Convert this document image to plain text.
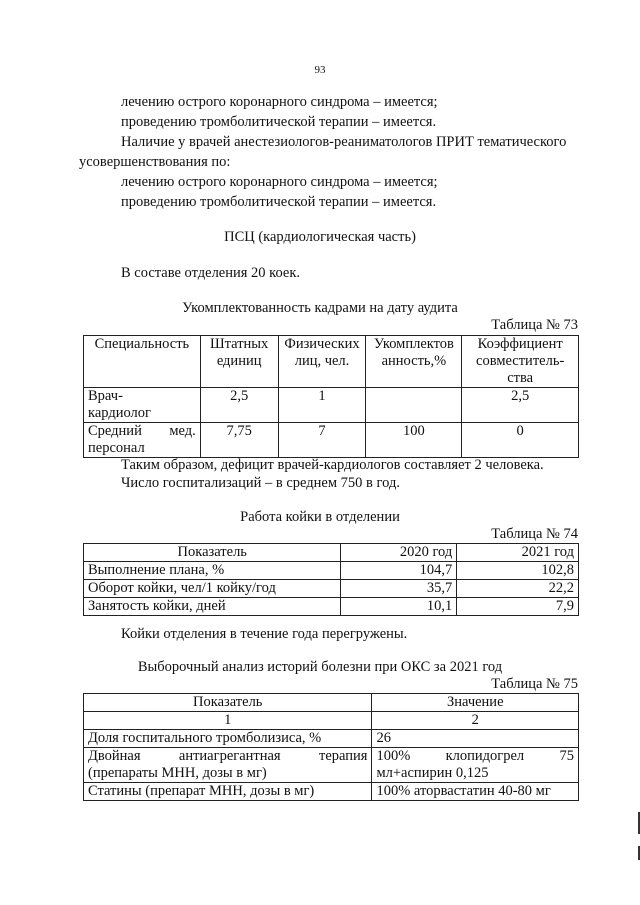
93
лечению острого коронарного синдрома – имеется;
проведению тромболитической терапии – имеется.
Наличие у врачей анестезиологов-реаниматологов ПРИТ тематического
усовершенствования по:
лечению острого коронарного синдрома – имеется;
проведению тромболитической терапии – имеется.
ПСЦ (кардиологическая часть)
В составе отделения 20 коек.
Укомплектованность кадрами на дату аудита
Таблица № 73
Специальность	Штатных единиц	Физических лиц, чел.	Укомплектов анность,%	Коэффициент совместитель- ства
Врач-
кардиолог	2,5	1		2,5

Средний мед.
персонал	7,75	7	100	0
Таким образом, дефицит врачей-кардиологов составляет 2 человека.
Число госпитализаций – в среднем 750 в год.
Работа койки в отделении
Таблица № 74
Показатель	2020 год	2021 год
Выполнение плана, %	104,7	102,8
Оборот койки, чел/1 койку/год	35,7	22,2
Занятость койки, дней	10,1	7,9
Койки отделения в течение года перегружены.
Выборочный анализ историй болезни при ОКС за 2021 год
Таблица № 75
Показатель	Значение
1	2
Доля госпитального тромболизиса, %	26

Двойная антиагрегантная терапия
(препараты МНН, дозы в мг)	100% клопидогрел 75
мл+аспирин 0,125
Статины (препарат МНН, дозы в мг)	100% аторвастатин 40-80 мг
